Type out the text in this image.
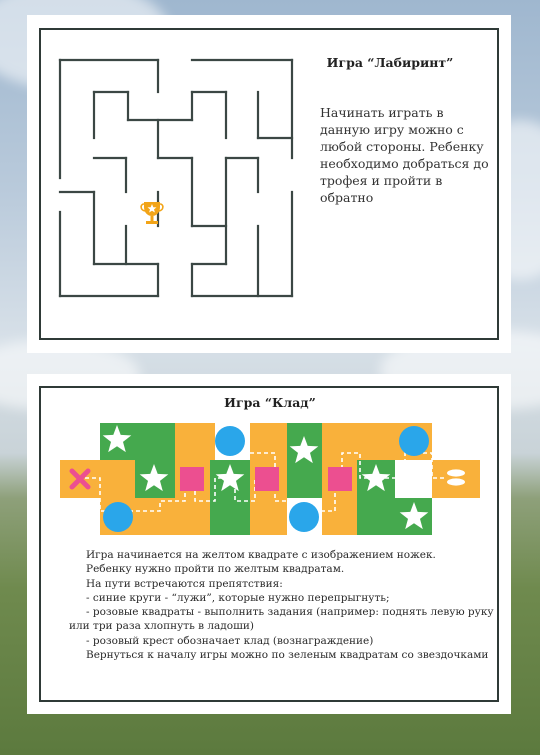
Игра “Лабиринт”
Начинать играть в данную игру можно с любой стороны. Ребенку необходимо добраться до трофея и пройти в обратно
Игра “Клад”

Игра начинается на желтом квадрате с изображением ножек.

Ребенку нужно пройти по желтым квадратам.

На пути встречаются препятствия:

- синие круги - “лужи”, которые нужно перепрыгнуть;

- розовые квадраты - выполнить задания (например: поднять левую руку

или три раза хлопнуть в ладоши)

- розовый крест обозначает клад (вознаграждение)

Вернуться к началу игры можно по зеленым квадратам со звездочками
